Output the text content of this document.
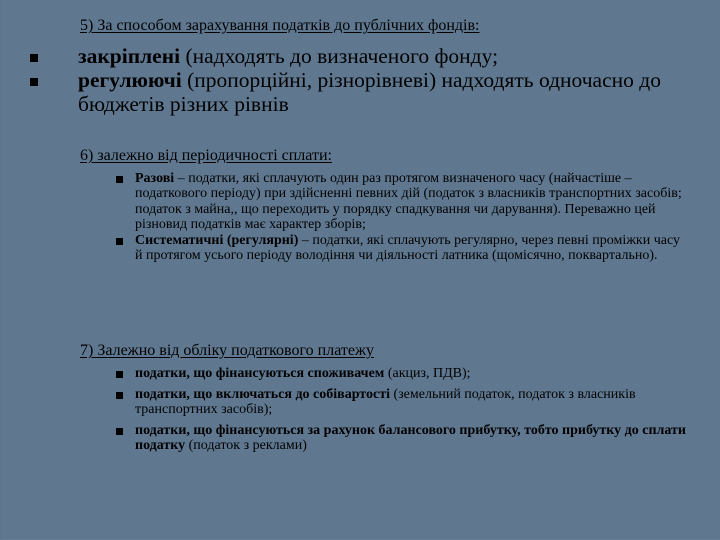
5) За способом зарахування податків до публічних фондів:
закріплені (надходять до визначеного фонду;
регулюючі (пропорційні, різнорівневі) надходять одночасно до бюджетів різних рівнів
6) залежно від періодичності сплати:
Разові – податки, які сплачують один раз протягом визначеного часу (найчастіше – податкового періоду) при здійсненні певних дій (податок з власників транспортних засобів; податок з майна,, що переходить у порядку спадкування чи дарування). Переважно цей різновид податків має характер зборів;
Систематичні (регулярні) – податки, які сплачують регулярно, через певні проміжки часу й протягом усього періоду володіння чи діяльності латника (щомісячно, поквартально).
7) Залежно від обліку податкового платежу
податки, що фінансуються споживачем (акциз, ПДВ);
податки, що включаться до собівартості (земельний податок, податок з власників транспортних засобів);
податки, що фінансуються за рахунок балансового прибутку, тобто прибутку до сплати податку (податок з реклами)
